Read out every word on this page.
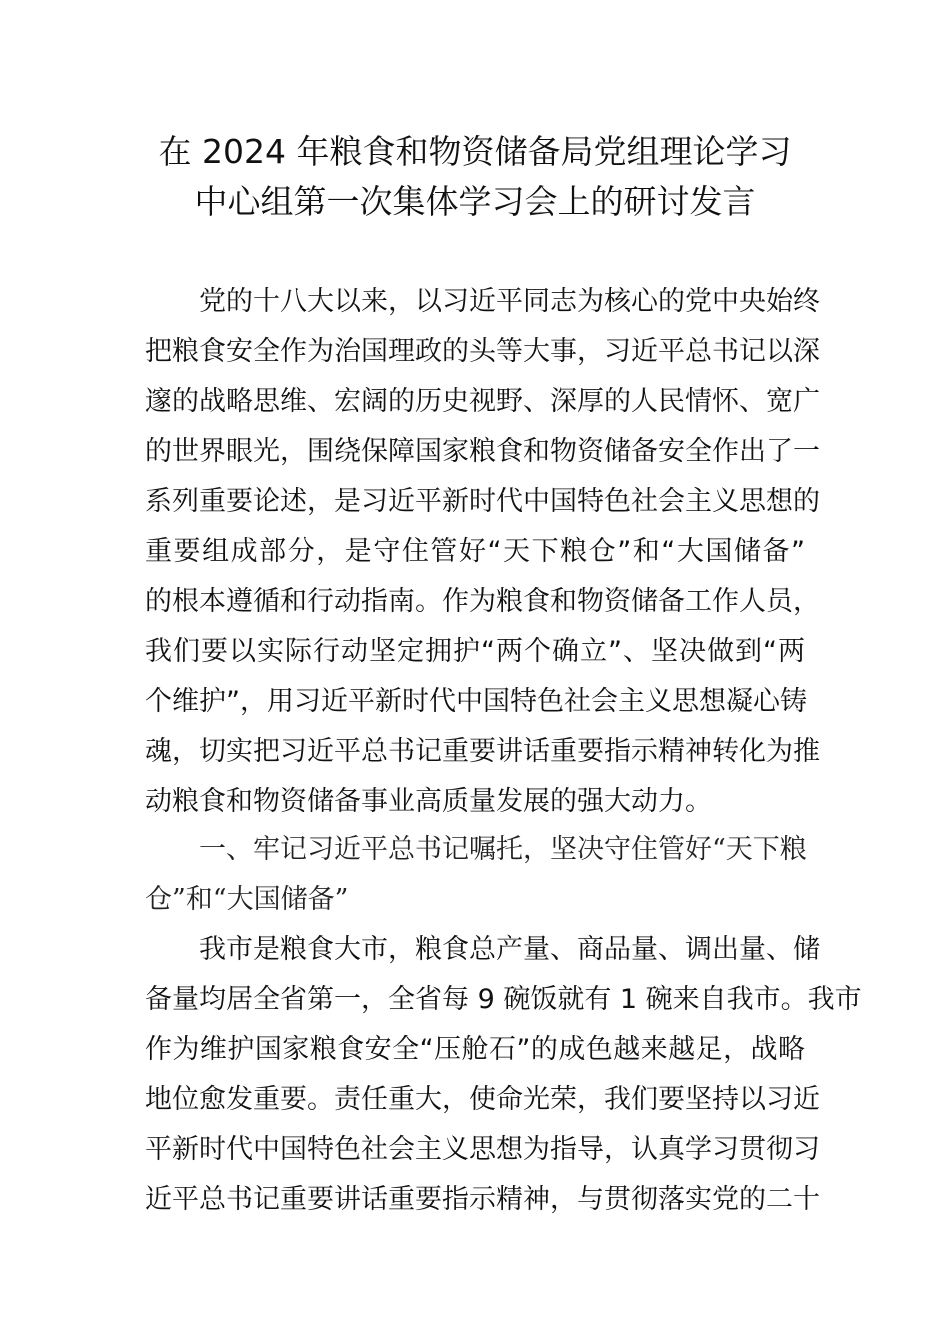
在 2024 年粮食和物资储备局党组理论学习
中心组第一次集体学习会上的研讨发言
党的十八大以来，以习近平同志为核心的党中央始终
把粮食安全作为治国理政的头等大事，习近平总书记以深
邃的战略思维、宏阔的历史视野、深厚的人民情怀、宽广
的世界眼光，围绕保障国家粮食和物资储备安全作出了一
系列重要论述，是习近平新时代中国特色社会主义思想的
重要组成部分，是守住管好“天下粮仓”和“大国储备”
的根本遵循和行动指南。作为粮食和物资储备工作人员，
我们要以实际行动坚定拥护“两个确立”、坚决做到“两
个维护”，用习近平新时代中国特色社会主义思想凝心铸
魂，切实把习近平总书记重要讲话重要指示精神转化为推
动粮食和物资储备事业高质量发展的强大动力。
一、牢记习近平总书记嘱托，坚决守住管好“天下粮
仓”和“大国储备”
我市是粮食大市，粮食总产量、商品量、调出量、储
备量均居全省第一，全省每 9 碗饭就有 1 碗来自我市。我市
作为维护国家粮食安全“压舱石”的成色越来越足，战略
地位愈发重要。责任重大，使命光荣，我们要坚持以习近
平新时代中国特色社会主义思想为指导，认真学习贯彻习
近平总书记重要讲话重要指示精神，与贯彻落实党的二十
